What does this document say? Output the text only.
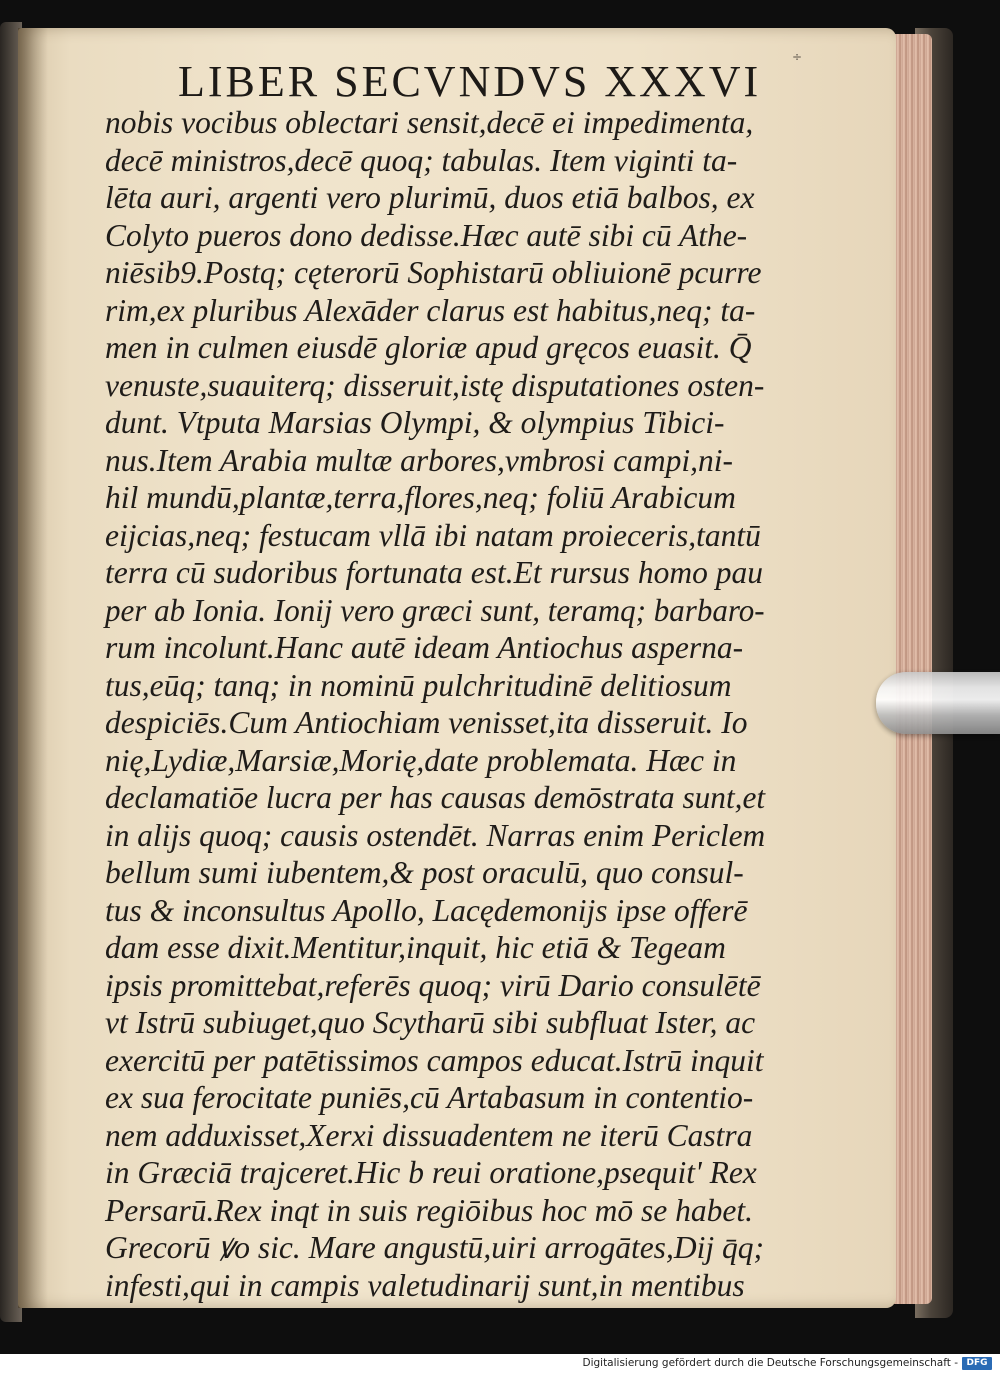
LIBER SECVNDVS XXXVI	÷
nobis vocibus oblectari sensit,decē ei impedimenta,
decē ministros,decē quoq; tabulas. Item viginti ta-
lēta auri, argenti vero plurimū, duos etiā balbos, ex
Colyto pueros dono dedisse.Hæc autē sibi cū Athe-
niēsib9.Postq; cęterorū Sophistarū obliuionē pcurre
rim,ex pluribus Alexāder clarus est habitus,neq; ta-
men in culmen eiusdē gloriæ apud gręcos euasit. Q̄
venuste,suauiterq; disseruit,istę disputationes osten-
dunt. Vtputa Marsias Olympi, & olympius Tibici-
nus.Item Arabia multæ arbores,vmbrosi campi,ni-
hil mundū,plantæ,terra,flores,neq; foliū Arabicum
eijcias,neq; festucam vllā ibi natam proieceris,tantū
terra cū sudoribus fortunata est.Et rursus homo pau
per ab Ionia. Ionij vero græci sunt, teramq; barbaro-
rum incolunt.Hanc autē ideam Antiochus asperna-
tus,eūq; tanq; in nominū pulchritudinē delitiosum
despiciēs.Cum Antiochiam venisset,ita disseruit. Io
nię,Lydiæ,Marsiæ,Morię,date problemata. Hæc in
declamatiōe lucra per has causas demōstrata sunt,et
in alijs quoq; causis ostendēt. Narras enim Periclem
bellum sumi iubentem,& post oraculū, quo consul-
tus & inconsultus Apollo, Lacędemonijs ipse offerē
dam esse dixit.Mentitur,inquit, hic etiā & Tegeam
ipsis promittebat,referēs quoq; virū Dario consulētē
vt Istrū subiuget,quo Scytharū sibi subfluat Ister, ac
exercitū per patētissimos campos educat.Istrū inquit
ex sua ferocitate puniēs,cū Artabasum in contentio-
nem adduxisset,Xerxi dissuadentem ne iterū Castra
in Græciā trajceret.Hic b reui oratione,psequit' Rex
Persarū.Rex inqt in suis regiōibus hoc mō se habet.
Grecorū ꝟo sic. Mare angustū,uiri arrogātes,Dij q̄q;
infesti,qui in campis valetudinarij sunt,in mentibus
Digitalisierung gefördert durch die Deutsche Forschungsgemeinschaft - DFG
